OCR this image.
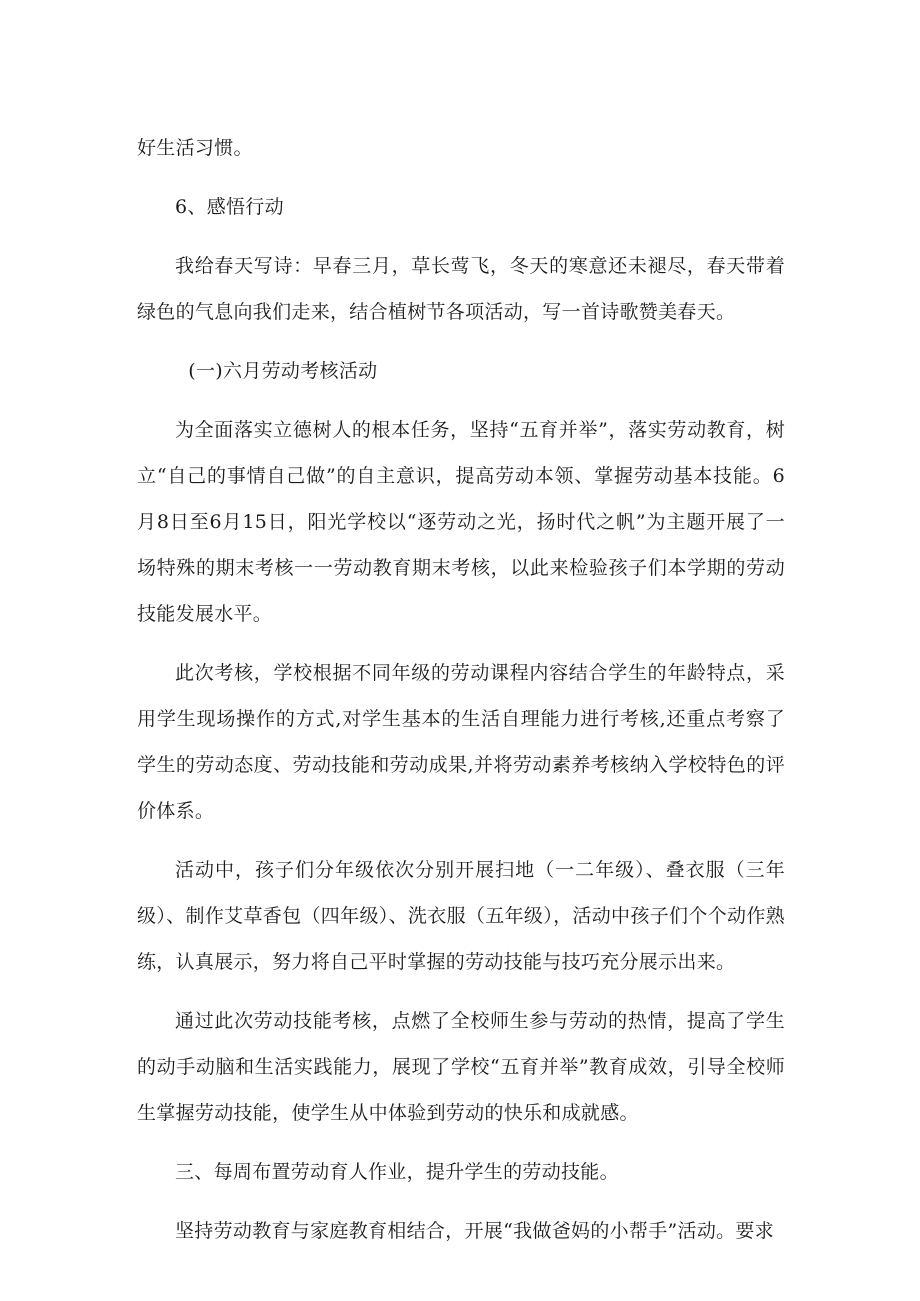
好生活习惯。

6、感悟行动

我给春天写诗：早春三月，草长莺飞，冬天的寒意还未褪尽，春天带着绿色的气息向我们走来，结合植树节各项活动，写一首诗歌赞美春天。

(一)六月劳动考核活动

为全面落实立德树人的根本任务，坚持“五育并举”，落实劳动教育，树立“自己的事情自己做”的自主意识，提高劳动本领、掌握劳动基本技能。6月8日至6月15日，阳光学校以“逐劳动之光，扬时代之帆”为主题开展了一场特殊的期末考核一一劳动教育期末考核，以此来检验孩子们本学期的劳动技能发展水平。

此次考核，学校根据不同年级的劳动课程内容结合学生的年龄特点，采用学生现场操作的方式,对学生基本的生活自理能力进行考核,还重点考察了学生的劳动态度、劳动技能和劳动成果,并将劳动素养考核纳入学校特色的评价体系。

活动中，孩子们分年级依次分别开展扫地（一二年级）、叠衣服（三年级）、制作艾草香包（四年级）、洗衣服（五年级），活动中孩子们个个动作熟练，认真展示，努力将自己平时掌握的劳动技能与技巧充分展示出来。

通过此次劳动技能考核，点燃了全校师生参与劳动的热情，提高了学生的动手动脑和生活实践能力，展现了学校“五育并举”教育成效，引导全校师生掌握劳动技能，使学生从中体验到劳动的快乐和成就感。

三、每周布置劳动育人作业，提升学生的劳动技能。

坚持劳动教育与家庭教育相结合，开展“我做爸妈的小帮手”活动。要求
